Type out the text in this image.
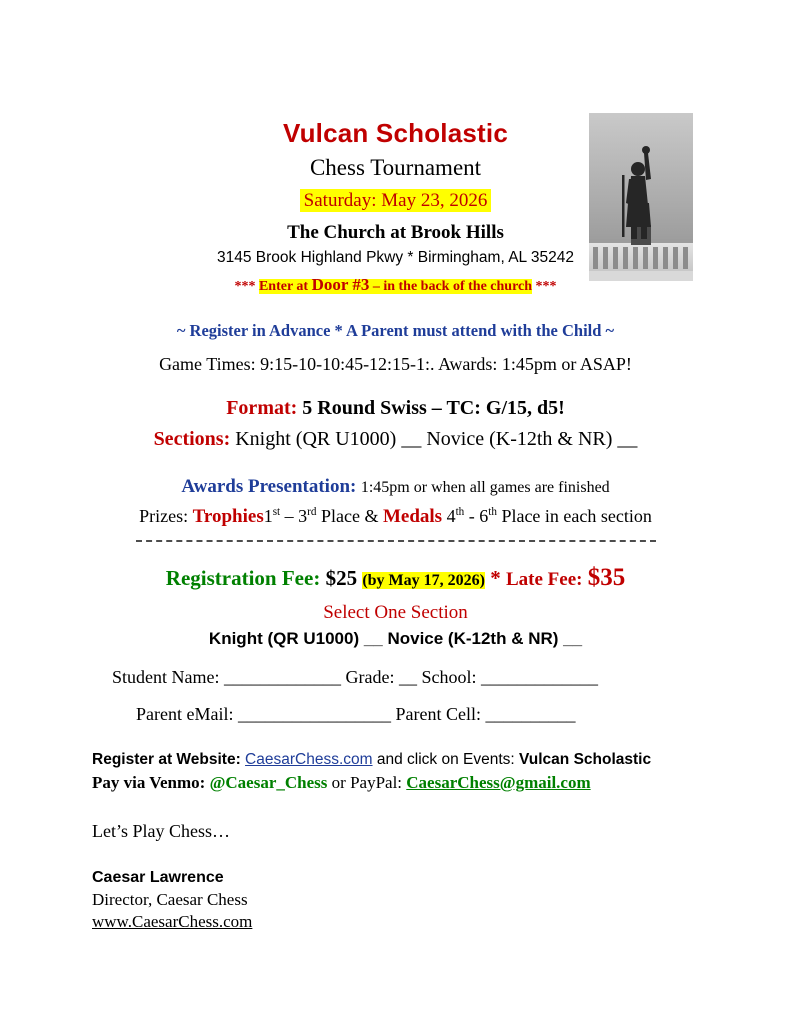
Vulcan Scholastic
Chess Tournament
Saturday: May 23, 2026
The Church at Brook Hills
3145 Brook Highland Pkwy * Birmingham, AL 35242
*** Enter at Door #3 – in the back of the church ***
~ Register in Advance * A Parent must attend with the Child ~
Game Times: 9:15-10-10:45-12:15-1:. Awards: 1:45pm or ASAP!
Format: 5 Round Swiss – TC: G/15, d5!
Sections: Knight (QR U1000) __ Novice (K-12th & NR) __
Awards Presentation: 1:45pm or when all games are finished
Prizes: Trophies1st – 3rd Place & Medals 4th - 6th Place in each section
Registration Fee: $25 (by May 17, 2026) * Late Fee: $35
Select One Section
Knight (QR U1000) __ Novice (K-12th & NR) __
Student Name: _____________ Grade: __ School: _____________
Parent eMail: _________________ Parent Cell: __________
Register at Website: CaesarChess.com and click on Events: Vulcan Scholastic
Pay via Venmo: @Caesar_Chess or PayPal: CaesarChess@gmail.com
Let’s Play Chess…
Caesar Lawrence
Director, Caesar Chess
www.CaesarChess.com
